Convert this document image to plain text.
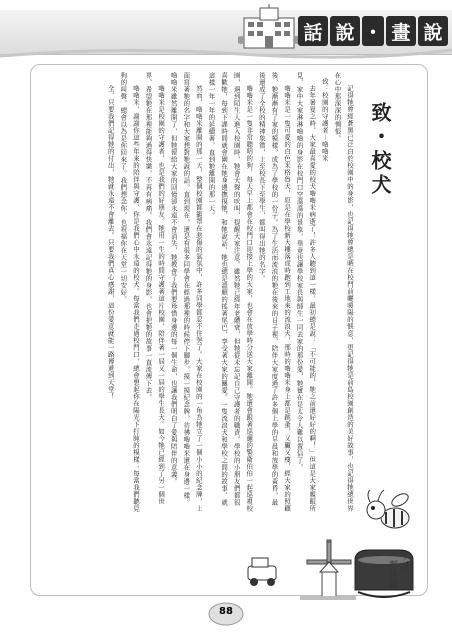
話 說 ・ 畫 說
致・校犬

記得牠曾經蒼黑已泛白於校園中的身影，也記得牠曾總是晒在校門前曬暖陽的惬意，更記得牠是前島校園創造的美好故事，也記得牠總世界在心中那深深的惆悵。

致：校園的守護者－嚕嚕米

去年暑夏之時，大家最喜愛的校犬嚕嚕米病逝了！許多人聽到這一樣，最初總是說：「不可能的，牠之前還好好的啊！」但這是大家親眼所見，家中大家淋淋嚕嚕的身影在校門口空蕩蕩的景象，畢竟也讓學校家長與師生一同去家的那份愛，牠實在是太令人難以置信了。

嚕嚕米是一隻可愛的白色米格魯犬，原是在學校新大樓落成時跑到工地來的流浪犬，那時的嚕嚕米身上都是跳蚤，又臟又瘦，經大家的照顧後，牠漸漸有了家的模樣，成為了學校的一份子。為了生活而流浪的牠在後來的日子裡，陪伴大家度過了許多個上學的早晨和放學的黃昏，最後還成了全校的精神象徵，上至校長下至學生，都叫得出牠的名字。

嚕嚕米是一隻非常聰明的狗，每天早上都會在校門口迎接上學的大家，也會在放學時分送大家離開。牠還會跟著巡邏的警衛伯伯一起巡視校園，遇到陌生人進入校園時，牠會大聲的吠叫，提醒大家注意。雖然牠已經年老體衰，但牠從未忘記自己守護者的職責。學校的小朋友們都很喜歡牠，每到下課時間就會圍在牠身邊撫摸牠、和牠說話，牠也總是溫順的搖著尾巴，享受著大家的關愛。一隻流浪犬和學校之間的故事，就這樣一年一年的延續著，直到牠離開的那一天。

然而，嚕嚕米離開的那一天，整個校園都籠罩在悲傷的氣氛中，許多同學都忍不住哭了。大家在校園的一角為牠立了一個小小的紀念牌，上面寫著牠的名字和大家想對牠說的話。直到現在，還是有很多同學會在經過那裡的時候停下腳步，摸一摸紀念牌，彷彿嚕嚕米還在身邊一樣。嚕嚕米雖然離開了，但牠留給大家的回憶卻永遠不會消失，牠教會了我們要珍惜身邊的每一個生命，也讓我們明白了愛與陪伴的意義。

嚕嚕米是校園的守護者，也是我們的好朋友。牠用一生的時間守護著這片校園，陪伴著一屆又一屆的學生長大。如今牠已經到了另一個世界，希望牠在那裡能夠過得快樂，不再有病痛。我們會永遠記得牠的身影，也會把牠的故事一直流傳下去。

嚕嚕米，謝謝你這些年來的陪伴與守護，你是我們心中永遠的校犬。每當我們走過校門口，總會想起你在陽光下打盹的模樣；每當我們聽見狗的叫聲，總會以為是你回來了。我們想念你，也祝福你在天堂一切安好。

全，只要我們記得牠的付出，牠就永遠不會離去。只要我們真心感謝，這份愛意就能一路傳遞到天堂！

六忠
鄭佳蓉
88
